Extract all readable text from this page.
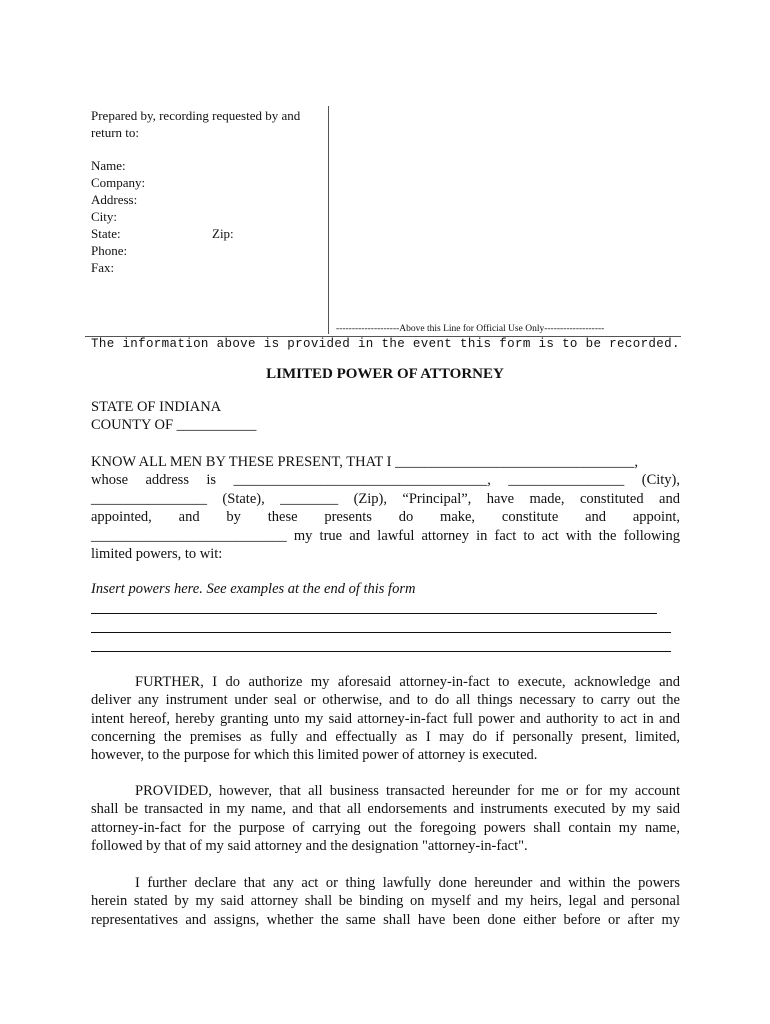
Prepared by, recording requested by and
return to:
Name:
Company:
Address:
City:
State:
Phone:
Fax:
Zip:
--------------------Above this Line for Official Use Only-------------------
The information above is provided in the event this form is to be recorded.
LIMITED POWER OF ATTORNEY
STATE OF INDIANA
COUNTY OF ___________
KNOW ALL MEN BY THESE PRESENT, THAT I _________________________________,
whose address is ___________________________________, ________________ (City),
________________ (State), ________ (Zip), “Principal”, have made, constituted and
appointed, and by these presents do make, constitute and appoint,
___________________________ my true and lawful attorney in fact to act with the following
limited powers, to wit:
Insert powers here. See examples at the end of this form
FURTHER, I do authorize my aforesaid attorney-in-fact to execute, acknowledge and
deliver any instrument under seal or otherwise, and to do all things necessary to carry out the
intent hereof, hereby granting unto my said attorney-in-fact full power and authority to act in and
concerning the premises as fully and effectually as I may do if personally present, limited,
however, to the purpose for which this limited power of attorney is executed.
PROVIDED, however, that all business transacted hereunder for me or for my account
shall be transacted in my name, and that all endorsements and instruments executed by my said
attorney-in-fact for the purpose of carrying out the foregoing powers shall contain my name,
followed by that of my said attorney and the designation "attorney-in-fact".
I further declare that any act or thing lawfully done hereunder and within the powers
herein stated by my said attorney shall be binding on myself and my heirs, legal and personal
representatives and assigns, whether the same shall have been done either before or after my
